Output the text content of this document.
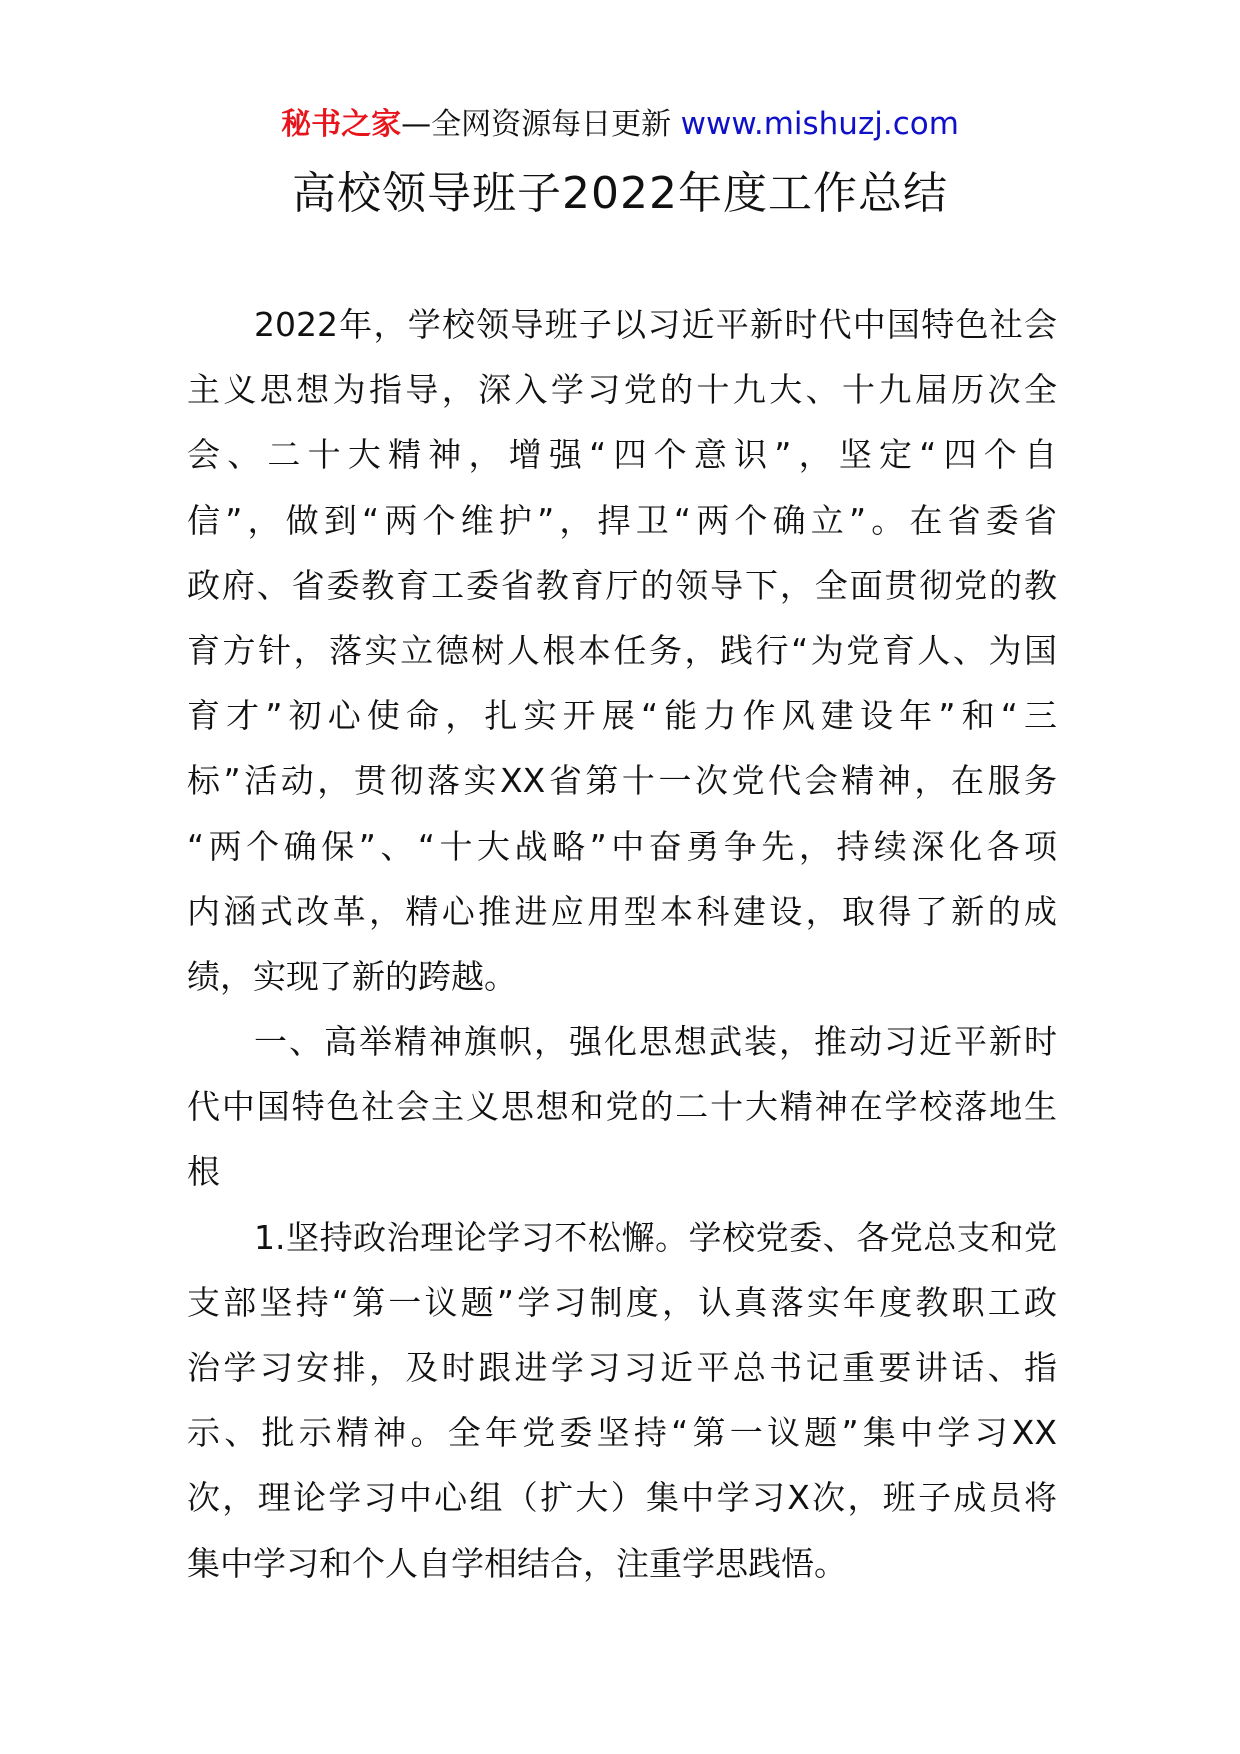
秘书之家—全网资源每日更新 www.mishuzj.com
高校领导班子2022年度工作总结
2022年，学校领导班子以习近平新时代中国特色社会
主义思想为指导，深入学习党的十九大、十九届历次全
会、二十大精神，增强“四个意识”，坚定“四个自
信”，做到“两个维护”，捍卫“两个确立”。在省委省
政府、省委教育工委省教育厅的领导下，全面贯彻党的教
育方针，落实立德树人根本任务，践行“为党育人、为国
育才”初心使命，扎实开展“能力作风建设年”和“三
标”活动，贯彻落实XX省第十一次党代会精神，在服务
“两个确保”、“十大战略”中奋勇争先，持续深化各项
内涵式改革，精心推进应用型本科建设，取得了新的成
绩，实现了新的跨越。
一、高举精神旗帜，强化思想武装，推动习近平新时
代中国特色社会主义思想和党的二十大精神在学校落地生
根
1.坚持政治理论学习不松懈。学校党委、各党总支和党
支部坚持“第一议题”学习制度，认真落实年度教职工政
治学习安排，及时跟进学习习近平总书记重要讲话、指
示、批示精神。全年党委坚持“第一议题”集中学习XX
次，理论学习中心组（扩大）集中学习X次，班子成员将
集中学习和个人自学相结合，注重学思践悟。
